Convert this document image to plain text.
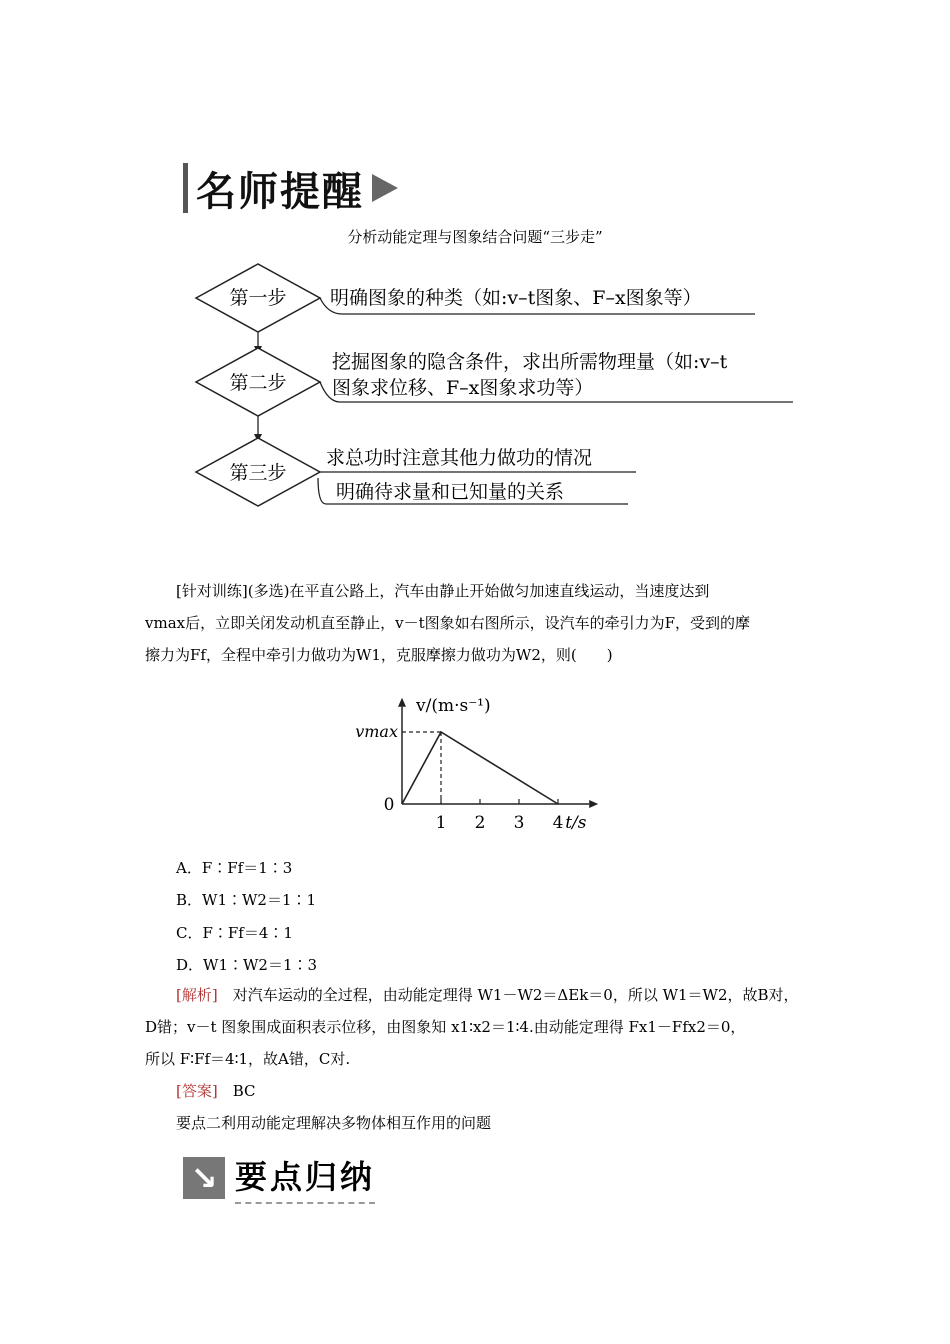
名师提醒
分析动能定理与图象结合问题“三步走”
第一步 明确图象的种类（如:v–t图象、F–x图象等）
第二步
挖掘图象的隐含条件，求出所需物理量（如:v–t
图象求位移、F–x图象求功等）
第三步
求总功时注意其他力做功的情况
明确待求量和已知量的关系
[针对训练](多选)在平直公路上，汽车由静止开始做匀加速直线运动，当速度达到
vmax后，立即关闭发动机直至静止，v－t图象如右图所示，设汽车的牵引力为F，受到的摩
擦力为Ff，全程中牵引力做功为W1，克服摩擦力做功为W2，则(　　)
1 2 3 4
0
t/s
v/(m·s⁻¹)
vmax
A．F∶Ff＝1∶3
B．W1∶W2＝1∶1
C．F∶Ff＝4∶1
D．W1∶W2＝1∶3
[解析]　对汽车运动的全过程，由动能定理得 W1－W2＝ΔEk＝0，所以 W1＝W2，故B对，
D错；v－t 图象围成面积表示位移，由图象知 x1∶x2＝1∶4.由动能定理得 Fx1－Ffx2＝0，
所以 F∶Ff＝4∶1，故A错，C对.
[答案]　BC
要点二利用动能定理解决多物体相互作用的问题
↘ 要点归纳
